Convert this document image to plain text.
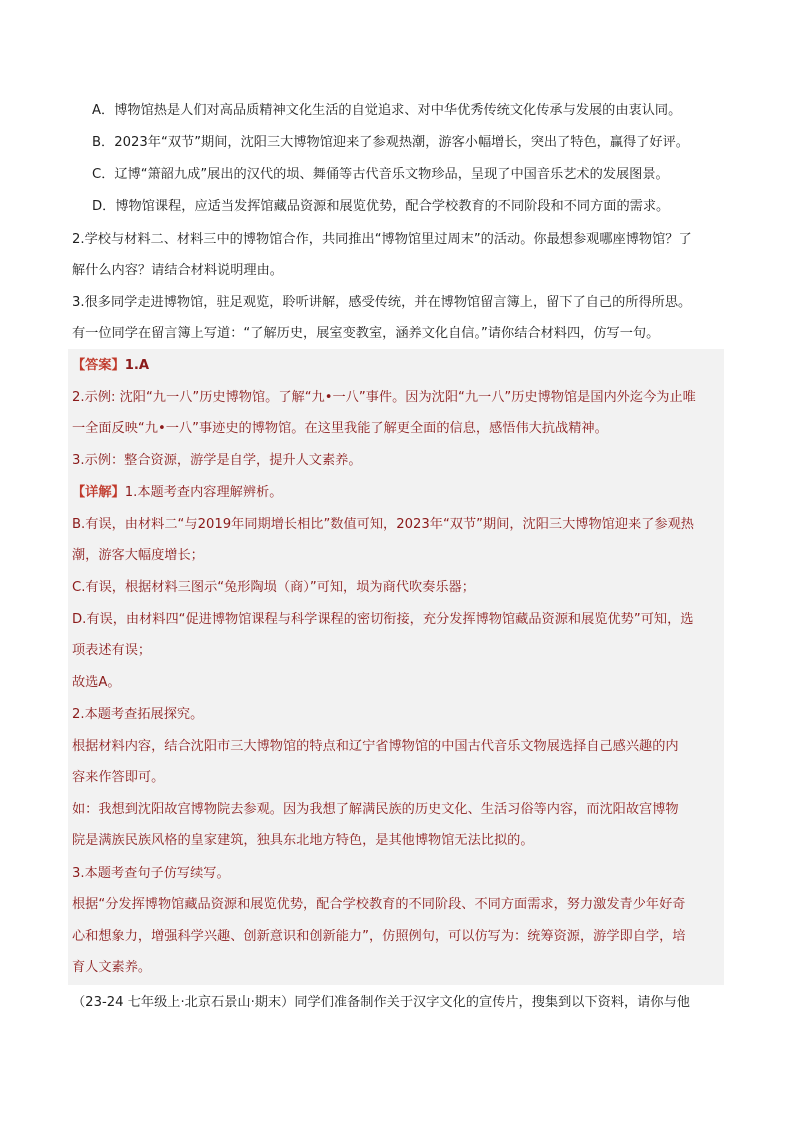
A．博物馆热是人们对高品质精神文化生活的自觉追求、对中华优秀传统文化传承与发展的由衷认同。
B．2023年“双节”期间，沈阳三大博物馆迎来了参观热潮，游客小幅增长，突出了特色，赢得了好评。
C．辽博“箫韶九成”展出的汉代的埙、舞俑等古代音乐文物珍品，呈现了中国音乐艺术的发展图景。
D．博物馆课程，应适当发挥馆藏品资源和展览优势，配合学校教育的不同阶段和不同方面的需求。
2.学校与材料二、材料三中的博物馆合作，共同推出“博物馆里过周末”的活动。你最想参观哪座博物馆？了
解什么内容？请结合材料说明理由。
3.很多同学走进博物馆，驻足观览，聆听讲解，感受传统，并在博物馆留言簿上，留下了自己的所得所思。
有一位同学在留言簿上写道：“了解历史，展室变教室，涵养文化自信。”请你结合材料四，仿写一句。
【答案】1.A
2.示例: 沈阳“九一八”历史博物馆。了解“九•一八”事件。因为沈阳“九一八”历史博物馆是国内外迄今为止唯
一全面反映“九•一八”事迹史的博物馆。在这里我能了解更全面的信息，感悟伟大抗战精神。
3.示例：整合资源，游学是自学，提升人文素养。
【详解】1.本题考查内容理解辨析。
B.有误，由材料二“与2019年同期增长相比”数值可知，2023年“双节”期间，沈阳三大博物馆迎来了参观热
潮，游客大幅度增长；
C.有误，根据材料三图示“兔形陶埙（商）”可知，埙为商代吹奏乐器；
D.有误，由材料四“促进博物馆课程与科学课程的密切衔接，充分发挥博物馆藏品资源和展览优势”可知，选
项表述有误；
故选A。
2.本题考查拓展探究。
根据材料内容，结合沈阳市三大博物馆的特点和辽宁省博物馆的中国古代音乐文物展选择自己感兴趣的内
容来作答即可。
如：我想到沈阳故宫博物院去参观。因为我想了解满民族的历史文化、生活习俗等内容，而沈阳故宫博物
院是满族民族风格的皇家建筑，独具东北地方特色，是其他博物馆无法比拟的。
3.本题考查句子仿写续写。
根据“分发挥博物馆藏品资源和展览优势，配合学校教育的不同阶段、不同方面需求，努力激发青少年好奇
心和想象力，增强科学兴趣、创新意识和创新能力”，仿照例句，可以仿写为：统筹资源，游学即自学，培
育人文素养。
（23-24 七年级上·北京石景山·期末）同学们准备制作关于汉字文化的宣传片，搜集到以下资料，请你与他
